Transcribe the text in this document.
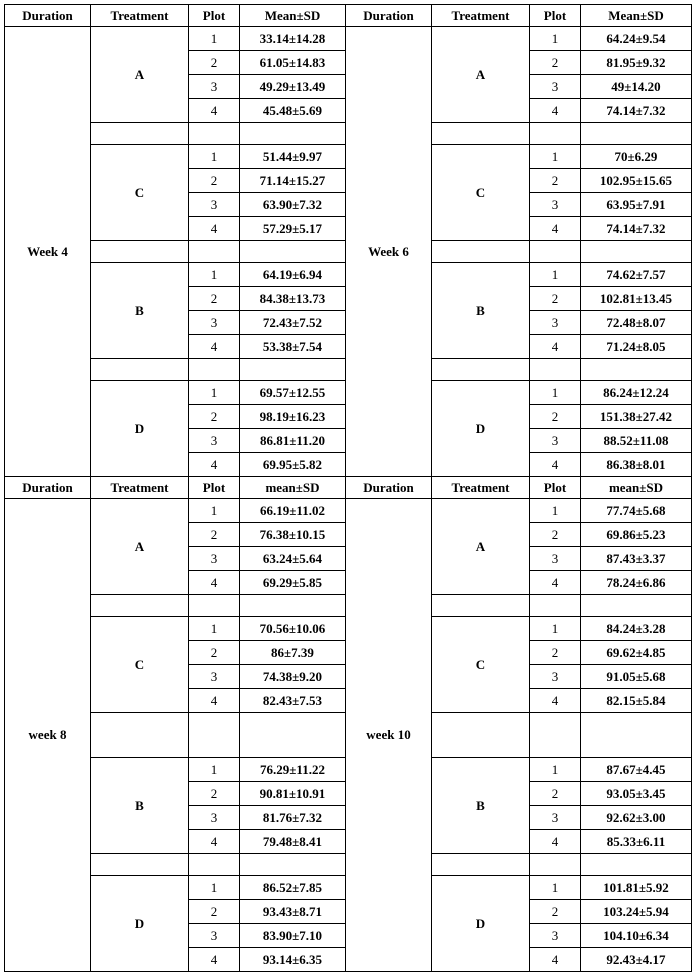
Duration	Treatment	Plot	Mean±SD	Duration	Treatment	Plot	Mean±SD
Week 4	A	1	33.14±14.28	Week 6	A	1	64.24±9.54
		2	61.05±14.83			2	81.95±9.32
		3	49.29±13.49			3	49±14.20
		4	45.48±5.69			4	74.14±7.32

	C	1	51.44±9.97		C	1	70±6.29
		2	71.14±15.27			2	102.95±15.65
		3	63.90±7.32			3	63.95±7.91
		4	57.29±5.17			4	74.14±7.32

	B	1	64.19±6.94		B	1	74.62±7.57
		2	84.38±13.73			2	102.81±13.45
		3	72.43±7.52			3	72.48±8.07
		4	53.38±7.54			4	71.24±8.05

	D	1	69.57±12.55		D	1	86.24±12.24
		2	98.19±16.23			2	151.38±27.42
		3	86.81±11.20			3	88.52±11.08
		4	69.95±5.82			4	86.38±8.01
Duration	Treatment	Plot	mean±SD	Duration	Treatment	Plot	mean±SD
week 8	A	1	66.19±11.02	week 10	A	1	77.74±5.68
		2	76.38±10.15			2	69.86±5.23
		3	63.24±5.64			3	87.43±3.37
		4	69.29±5.85			4	78.24±6.86

	C	1	70.56±10.06		C	1	84.24±3.28
		2	86±7.39			2	69.62±4.85
		3	74.38±9.20			3	91.05±5.68
		4	82.43±7.53			4	82.15±5.84

	B	1	76.29±11.22		B	1	87.67±4.45
		2	90.81±10.91			2	93.05±3.45
		3	81.76±7.32			3	92.62±3.00
		4	79.48±8.41			4	85.33±6.11

	D	1	86.52±7.85		D	1	101.81±5.92
		2	93.43±8.71			2	103.24±5.94
		3	83.90±7.10			3	104.10±6.34
		4	93.14±6.35			4	92.43±4.17
